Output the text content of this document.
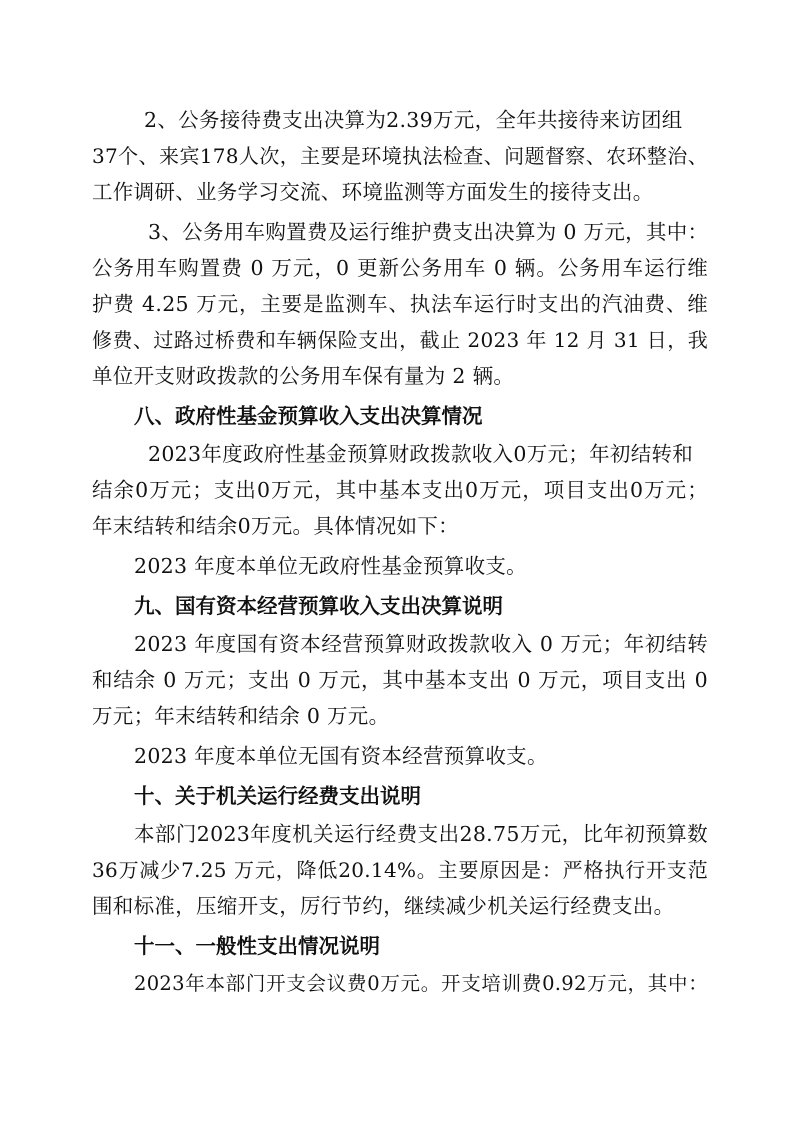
2、公务接待费支出决算为2.39万元，全年共接待来访团组
37个、来宾178人次，主要是环境执法检查、问题督察、农环整治、
工作调研、业务学习交流、环境监测等方面发生的接待支出。
3、公务用车购置费及运行维护费支出决算为 0 万元，其中：
公务用车购置费 0 万元，0 更新公务用车 0 辆。公务用车运行维
护费 4.25 万元，主要是监测车、执法车运行时支出的汽油费、维
修费、过路过桥费和车辆保险支出，截止 2023 年 12 月 31 日，我
单位开支财政拨款的公务用车保有量为 2 辆。
八、政府性基金预算收入支出决算情况
2023年度政府性基金预算财政拨款收入0万元；年初结转和
结余0万元；支出0万元，其中基本支出0万元，项目支出0万元；
年末结转和结余0万元。具体情况如下：
2023 年度本单位无政府性基金预算收支。
九、国有资本经营预算收入支出决算说明
2023 年度国有资本经营预算财政拨款收入 0 万元；年初结转
和结余 0 万元；支出 0 万元，其中基本支出 0 万元，项目支出 0
万元；年末结转和结余 0 万元。
2023 年度本单位无国有资本经营预算收支。
十、关于机关运行经费支出说明
本部门2023年度机关运行经费支出28.75万元，比年初预算数
36万减少7.25 万元，降低20.14%。主要原因是：严格执行开支范
围和标准，压缩开支，厉行节约，继续减少机关运行经费支出。
十一、一般性支出情况说明
2023年本部门开支会议费0万元。开支培训费0.92万元，其中：
